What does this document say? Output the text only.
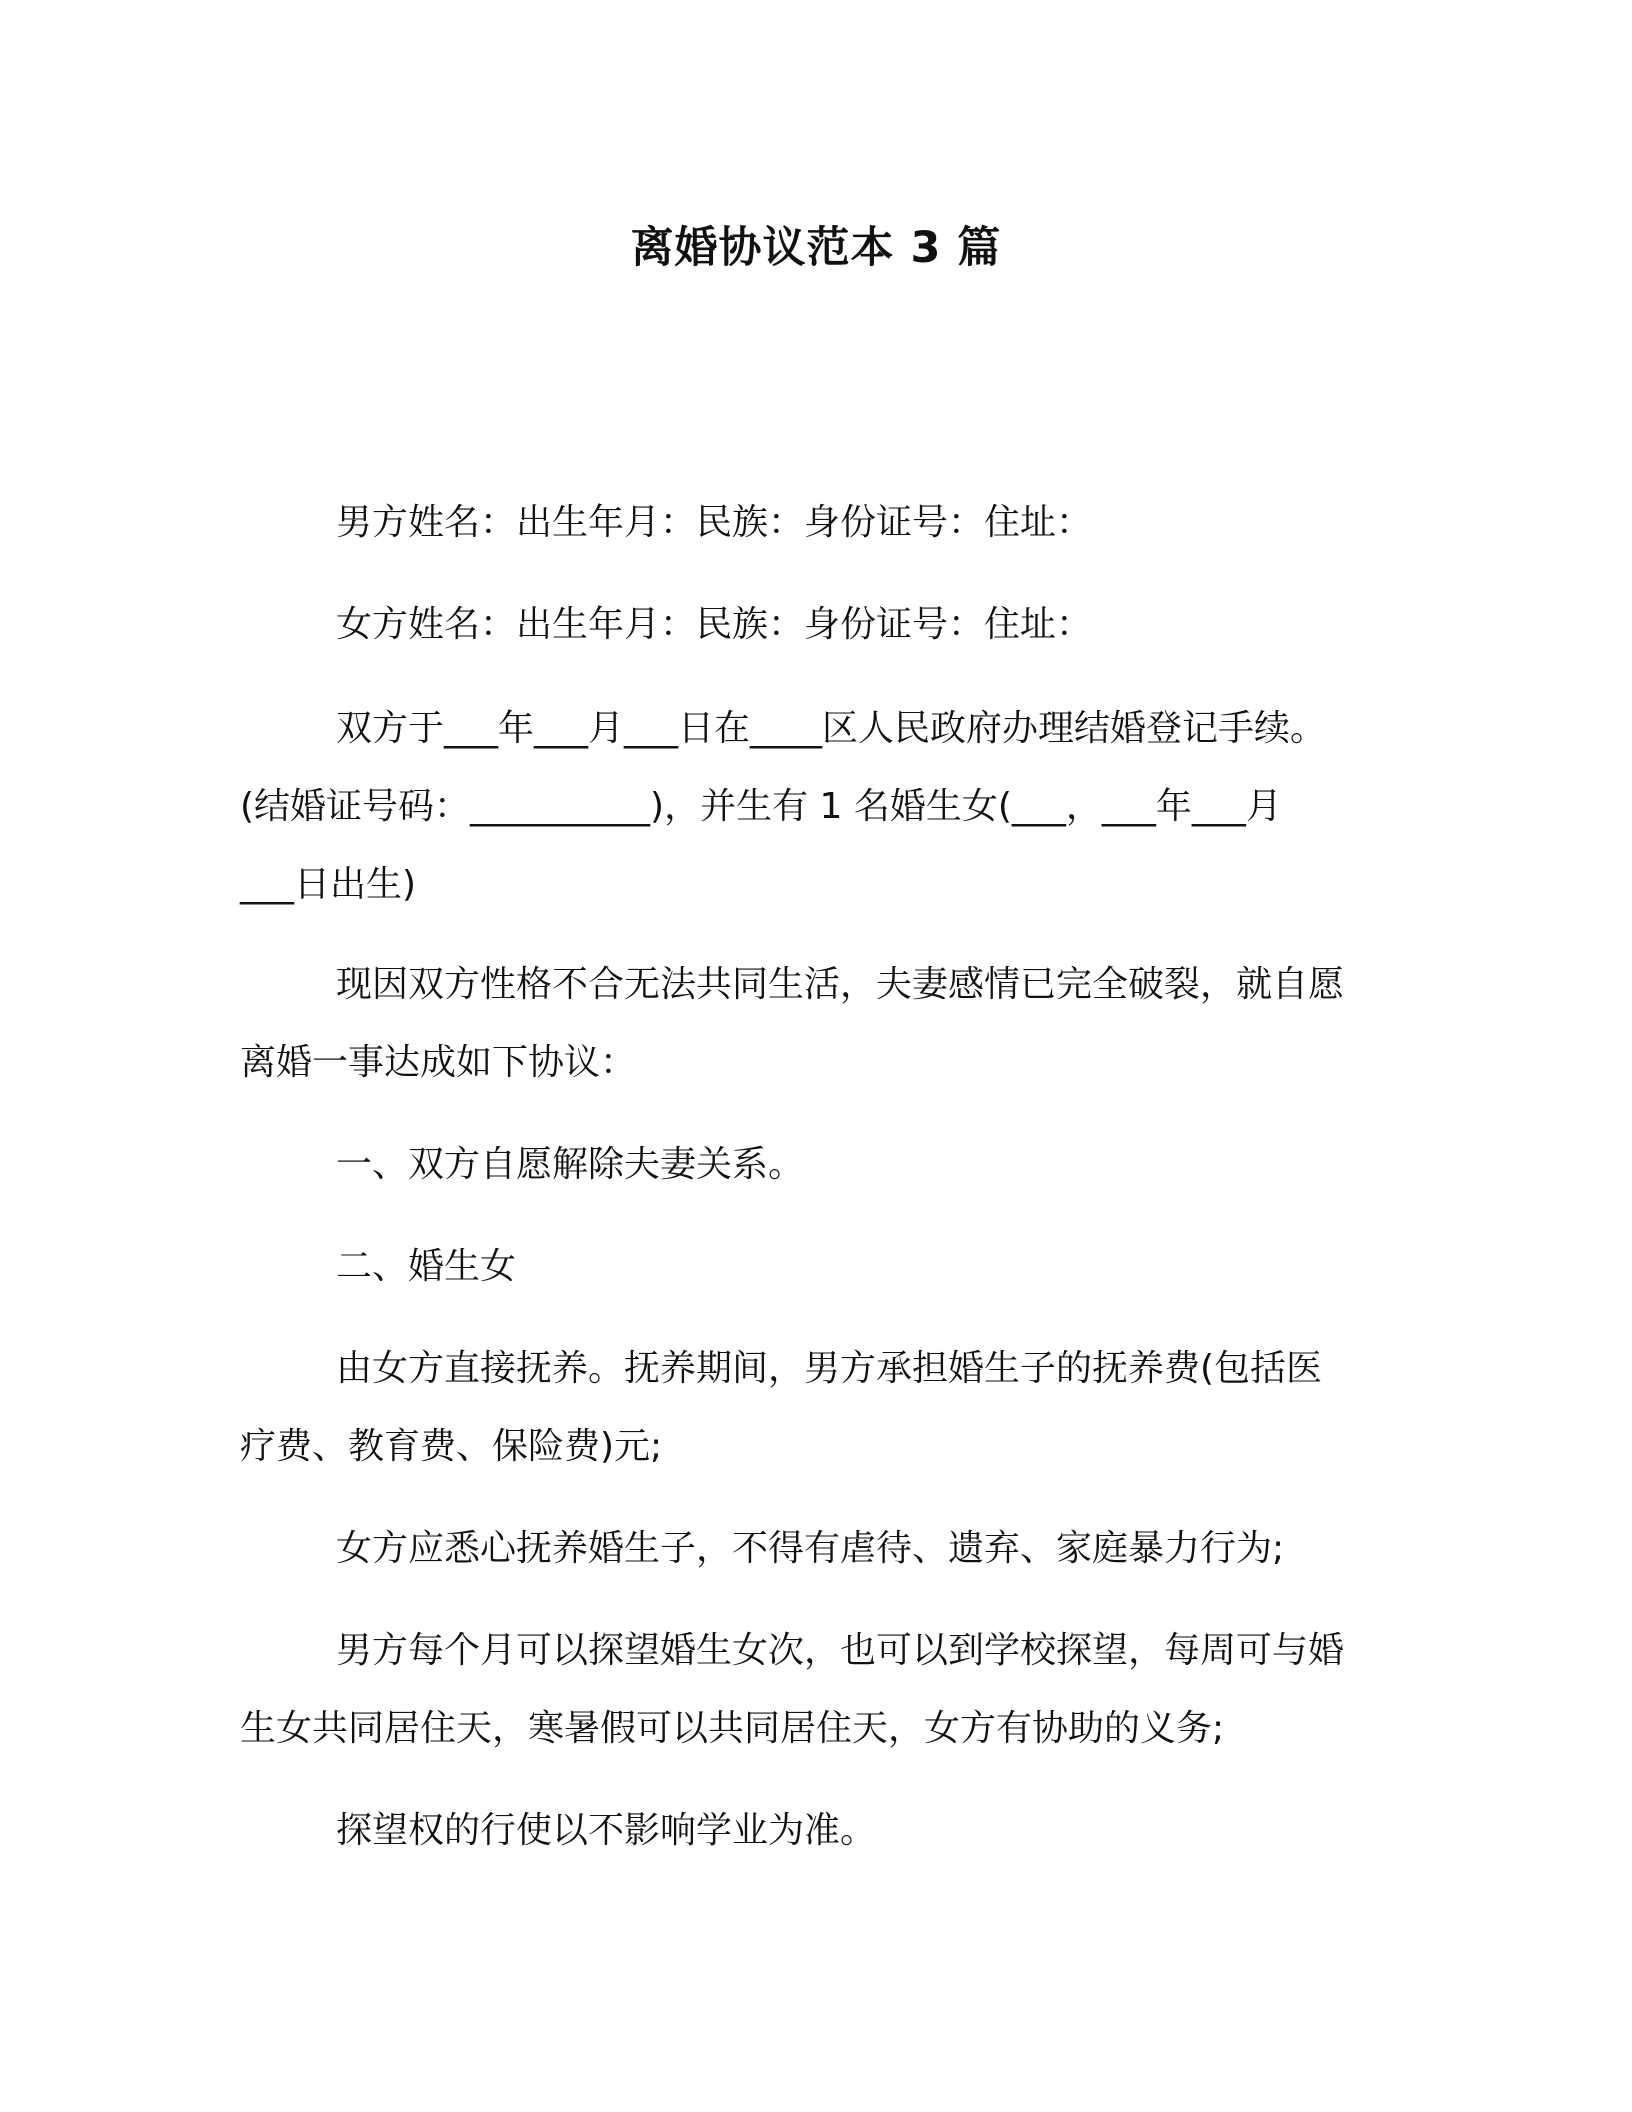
离婚协议范本 3 篇
男方姓名：出生年月：民族：身份证号：住址：
女方姓名：出生年月：民族：身份证号：住址：
双方于___年___月___日在____区人民政府办理结婚登记手续。
(结婚证号码：__________)，并生有 1 名婚生女(___，___年___月
___日出生)
现因双方性格不合无法共同生活，夫妻感情已完全破裂，就自愿
离婚一事达成如下协议：
一、双方自愿解除夫妻关系。
二、婚生女
由女方直接抚养。抚养期间，男方承担婚生子的抚养费(包括医
疗费、教育费、保险费)元;
女方应悉心抚养婚生子，不得有虐待、遗弃、家庭暴力行为;
男方每个月可以探望婚生女次，也可以到学校探望，每周可与婚
生女共同居住天，寒暑假可以共同居住天，女方有协助的义务;
探望权的行使以不影响学业为准。
